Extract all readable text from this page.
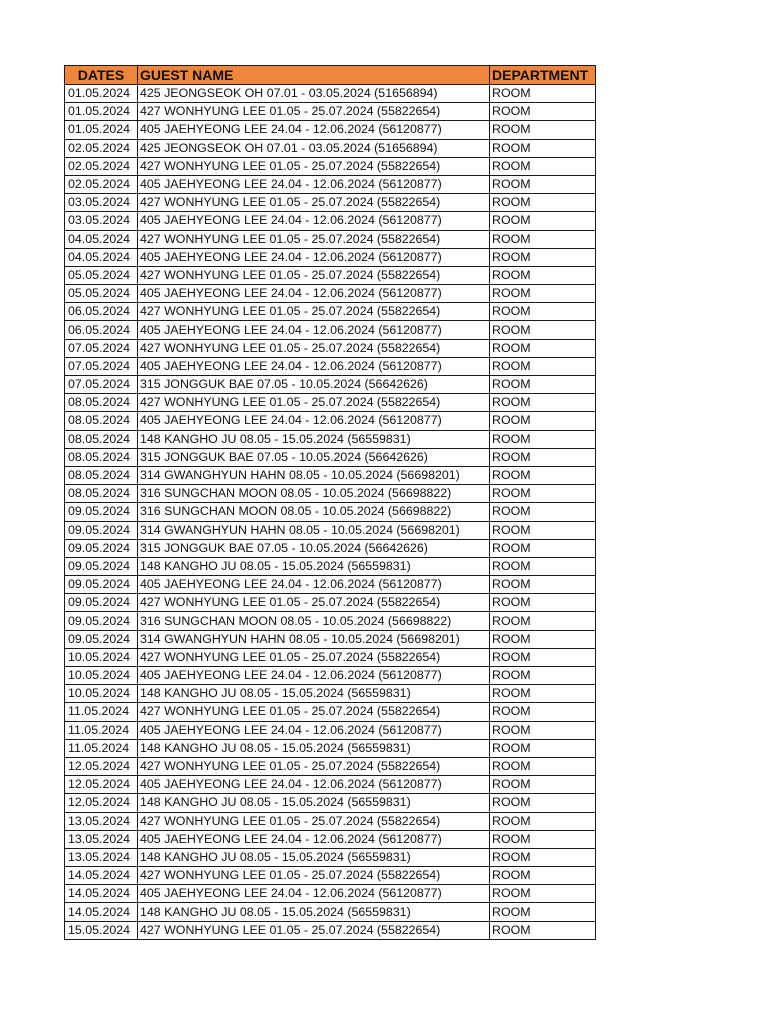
DATES	GUEST NAME	DEPARTMENT
01.05.2024	425 JEONGSEOK OH 07.01 - 03.05.2024 (51656894)	ROOM
01.05.2024	427 WONHYUNG LEE 01.05 - 25.07.2024 (55822654)	ROOM
01.05.2024	405 JAEHYEONG LEE 24.04 - 12.06.2024 (56120877)	ROOM
02.05.2024	425 JEONGSEOK OH 07.01 - 03.05.2024 (51656894)	ROOM
02.05.2024	427 WONHYUNG LEE 01.05 - 25.07.2024 (55822654)	ROOM
02.05.2024	405 JAEHYEONG LEE 24.04 - 12.06.2024 (56120877)	ROOM
03.05.2024	427 WONHYUNG LEE 01.05 - 25.07.2024 (55822654)	ROOM
03.05.2024	405 JAEHYEONG LEE 24.04 - 12.06.2024 (56120877)	ROOM
04.05.2024	427 WONHYUNG LEE 01.05 - 25.07.2024 (55822654)	ROOM
04.05.2024	405 JAEHYEONG LEE 24.04 - 12.06.2024 (56120877)	ROOM
05.05.2024	427 WONHYUNG LEE 01.05 - 25.07.2024 (55822654)	ROOM
05.05.2024	405 JAEHYEONG LEE 24.04 - 12.06.2024 (56120877)	ROOM
06.05.2024	427 WONHYUNG LEE 01.05 - 25.07.2024 (55822654)	ROOM
06.05.2024	405 JAEHYEONG LEE 24.04 - 12.06.2024 (56120877)	ROOM
07.05.2024	427 WONHYUNG LEE 01.05 - 25.07.2024 (55822654)	ROOM
07.05.2024	405 JAEHYEONG LEE 24.04 - 12.06.2024 (56120877)	ROOM
07.05.2024	315 JONGGUK BAE 07.05 - 10.05.2024 (56642626)	ROOM
08.05.2024	427 WONHYUNG LEE 01.05 - 25.07.2024 (55822654)	ROOM
08.05.2024	405 JAEHYEONG LEE 24.04 - 12.06.2024 (56120877)	ROOM
08.05.2024	148 KANGHO JU 08.05 - 15.05.2024 (56559831)	ROOM
08.05.2024	315 JONGGUK BAE 07.05 - 10.05.2024 (56642626)	ROOM
08.05.2024	314 GWANGHYUN HAHN 08.05 - 10.05.2024 (56698201)	ROOM
08.05.2024	316 SUNGCHAN MOON 08.05 - 10.05.2024 (56698822)	ROOM
09.05.2024	316 SUNGCHAN MOON 08.05 - 10.05.2024 (56698822)	ROOM
09.05.2024	314 GWANGHYUN HAHN 08.05 - 10.05.2024 (56698201)	ROOM
09.05.2024	315 JONGGUK BAE 07.05 - 10.05.2024 (56642626)	ROOM
09.05.2024	148 KANGHO JU 08.05 - 15.05.2024 (56559831)	ROOM
09.05.2024	405 JAEHYEONG LEE 24.04 - 12.06.2024 (56120877)	ROOM
09.05.2024	427 WONHYUNG LEE 01.05 - 25.07.2024 (55822654)	ROOM
09.05.2024	316 SUNGCHAN MOON 08.05 - 10.05.2024 (56698822)	ROOM
09.05.2024	314 GWANGHYUN HAHN 08.05 - 10.05.2024 (56698201)	ROOM
10.05.2024	427 WONHYUNG LEE 01.05 - 25.07.2024 (55822654)	ROOM
10.05.2024	405 JAEHYEONG LEE 24.04 - 12.06.2024 (56120877)	ROOM
10.05.2024	148 KANGHO JU 08.05 - 15.05.2024 (56559831)	ROOM
11.05.2024	427 WONHYUNG LEE 01.05 - 25.07.2024 (55822654)	ROOM
11.05.2024	405 JAEHYEONG LEE 24.04 - 12.06.2024 (56120877)	ROOM
11.05.2024	148 KANGHO JU 08.05 - 15.05.2024 (56559831)	ROOM
12.05.2024	427 WONHYUNG LEE 01.05 - 25.07.2024 (55822654)	ROOM
12.05.2024	405 JAEHYEONG LEE 24.04 - 12.06.2024 (56120877)	ROOM
12.05.2024	148 KANGHO JU 08.05 - 15.05.2024 (56559831)	ROOM
13.05.2024	427 WONHYUNG LEE 01.05 - 25.07.2024 (55822654)	ROOM
13.05.2024	405 JAEHYEONG LEE 24.04 - 12.06.2024 (56120877)	ROOM
13.05.2024	148 KANGHO JU 08.05 - 15.05.2024 (56559831)	ROOM
14.05.2024	427 WONHYUNG LEE 01.05 - 25.07.2024 (55822654)	ROOM
14.05.2024	405 JAEHYEONG LEE 24.04 - 12.06.2024 (56120877)	ROOM
14.05.2024	148 KANGHO JU 08.05 - 15.05.2024 (56559831)	ROOM
15.05.2024	427 WONHYUNG LEE 01.05 - 25.07.2024 (55822654)	ROOM
